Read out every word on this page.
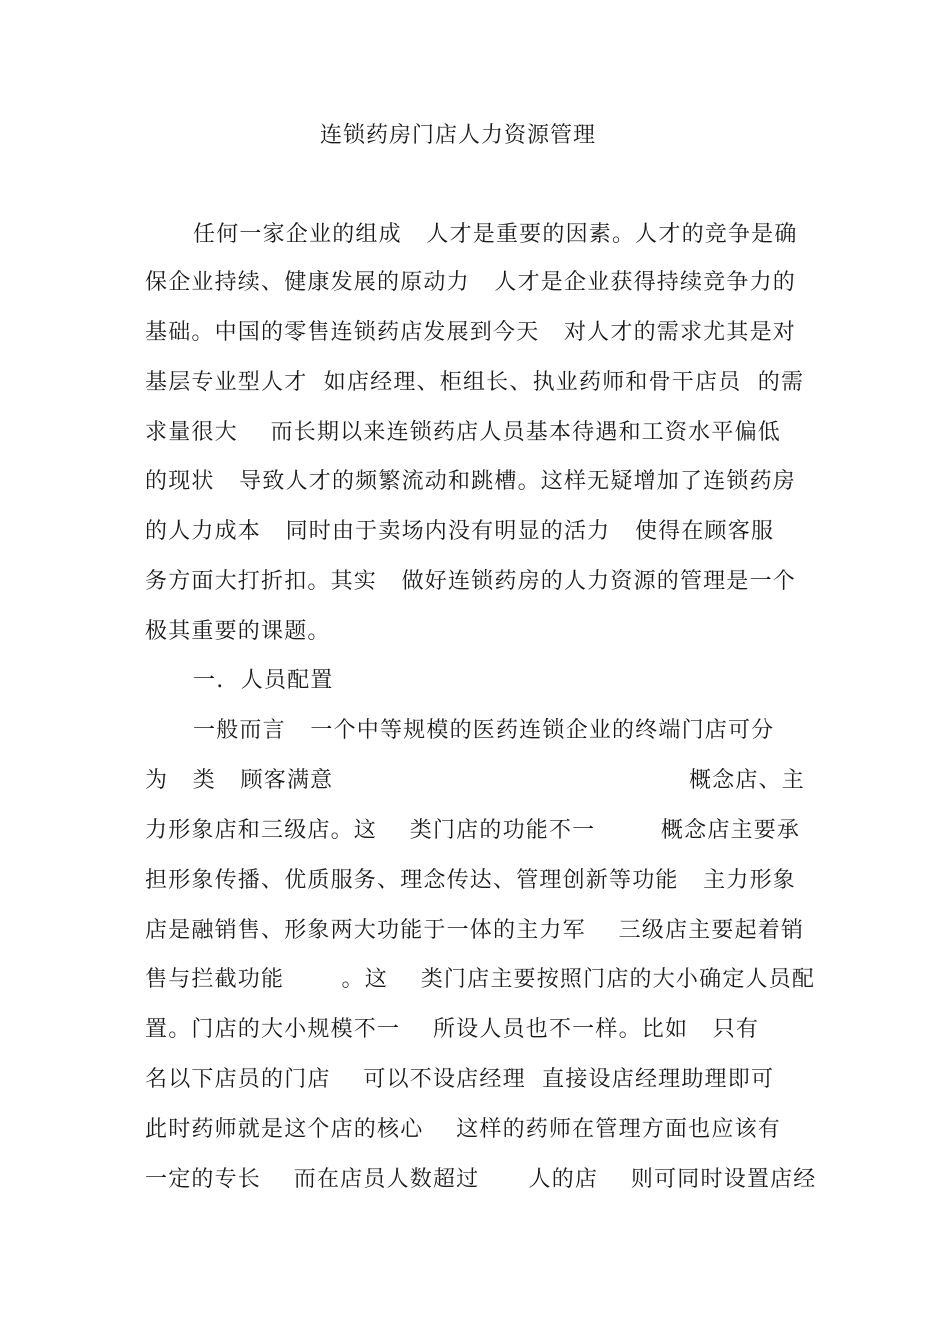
连锁药房门店人力资源管理
任何一家企业的组成   人才是重要的因素。人才的竞争是确
保企业持续、健康发展的原动力   人才是企业获得持续竞争力的
基础。中国的零售连锁药店发展到今天   对人才的需求尤其是对
基层专业型人才  如店经理、柜组长、执业药师和骨干店员  的需
求量很大    而长期以来连锁药店人员基本待遇和工资水平偏低
的现状   导致人才的频繁流动和跳槽。这样无疑增加了连锁药房
的人力成本   同时由于卖场内没有明显的活力   使得在顾客服
务方面大打折扣。其实   做好连锁药房的人力资源的管理是一个
极其重要的课题。
一.  人员配置
一般而言   一个中等规模的医药连锁企业的终端门店可分
为   类   顾客满意	概念店、主
力形象店和三级店。这    类门店的功能不一        概念店主要承
担形象传播、优质服务、理念传达、管理创新等功能   主力形象
店是融销售、形象两大功能于一体的主力军    三级店主要起着销
售与拦截功能       。这    类门店主要按照门店的大小确定人员配
置。门店的大小规模不一    所设人员也不一样。比如   只有
名以下店员的门店    可以不设店经理  直接设店经理助理即可
此时药师就是这个店的核心    这样的药师在管理方面也应该有
一定的专长    而在店员人数超过      人的店    则可同时设置店经
